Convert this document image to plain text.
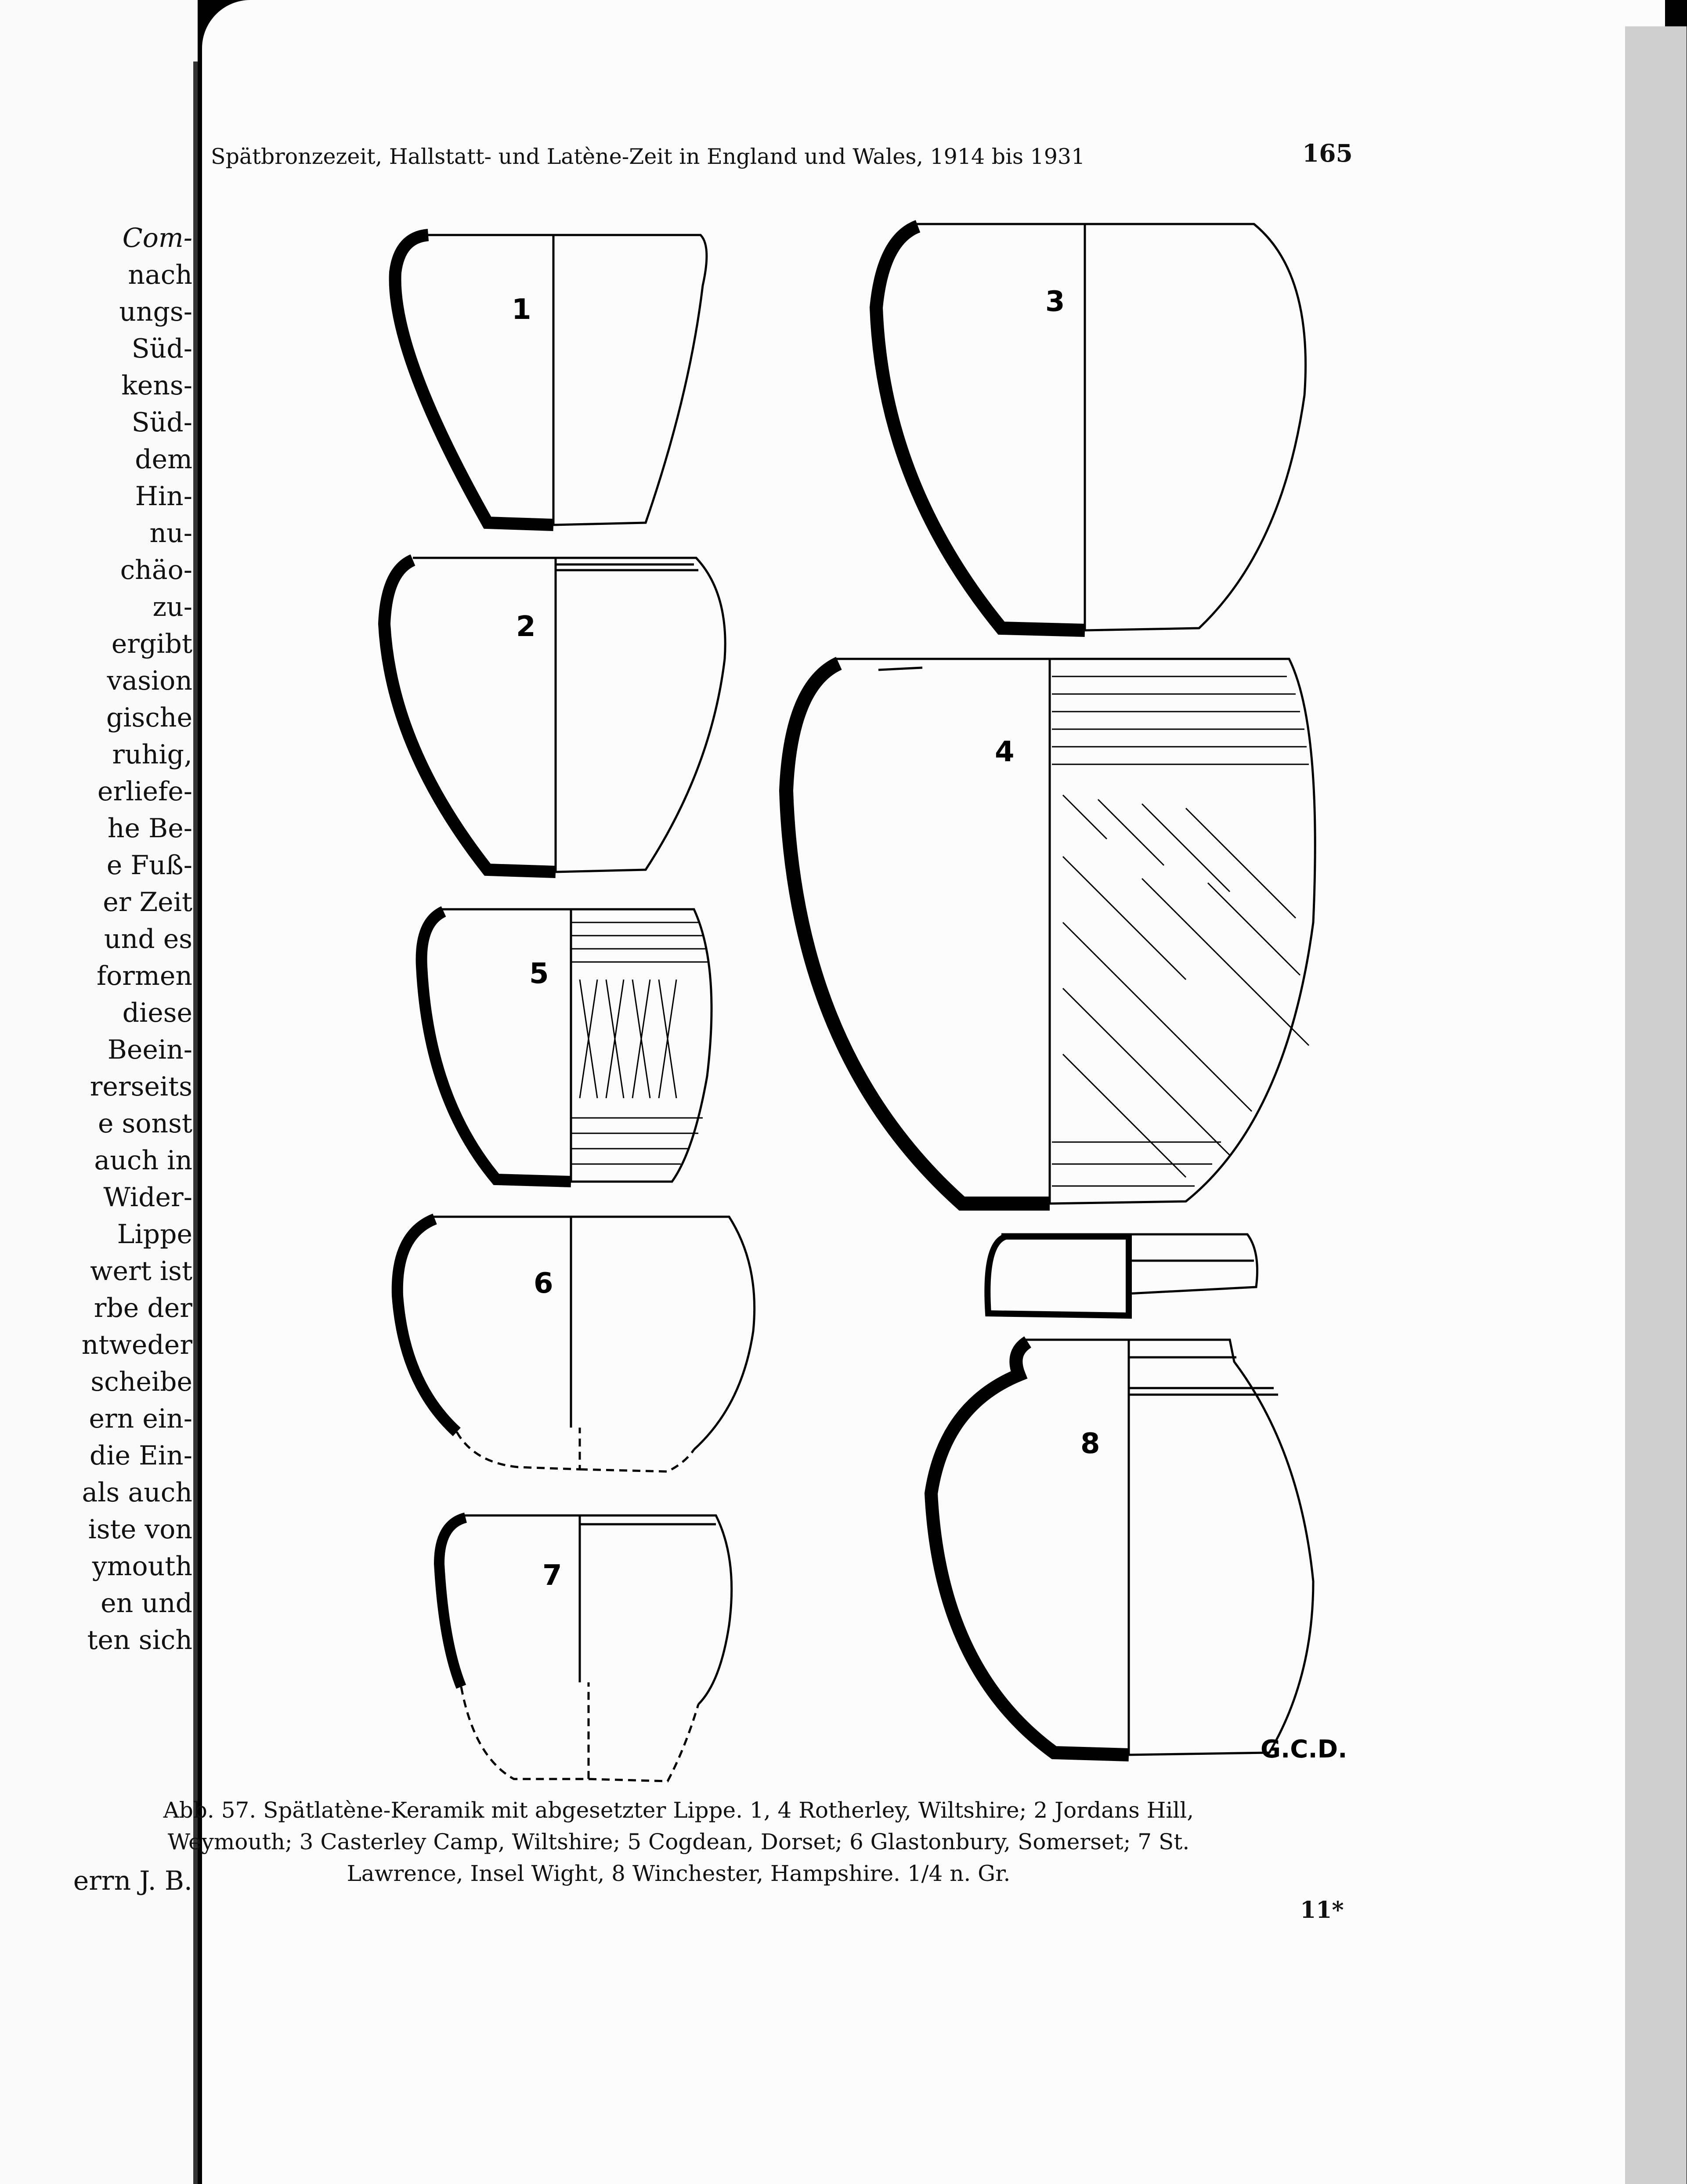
Com-
nach
ungs-
Süd-
kens-
Süd-
dem
Hin-
nu-
chäo-
zu-
ergibt
vasion
gische
ruhig,
erliefe-
he Be-
e Fuß-
er Zeit
und es
formen
diese
Beein-
rerseits
e sonst
auch in
Wider-
Lippe
wert ist
rbe der
ntweder
scheibe
ern ein-
die Ein-
als auch
iste von
ymouth
en und
ten sich
errn J. B.
Spätbronzezeit, Hallstatt- und Latène-Zeit in England und Wales, 1914 bis 1931	165
1
2
3
4
5
6
7
8
G.C.D.
Abb. 57. Spätlatène-Keramik mit abgesetzter Lippe. 1, 4 Rotherley, Wiltshire; 2 Jordans Hill, Weymouth; 3 Casterley Camp, Wiltshire; 5 Cogdean, Dorset; 6 Glastonbury, Somerset; 7 St. Lawrence, Insel Wight, 8 Winchester, Hampshire. 1/4 n. Gr.
11*
